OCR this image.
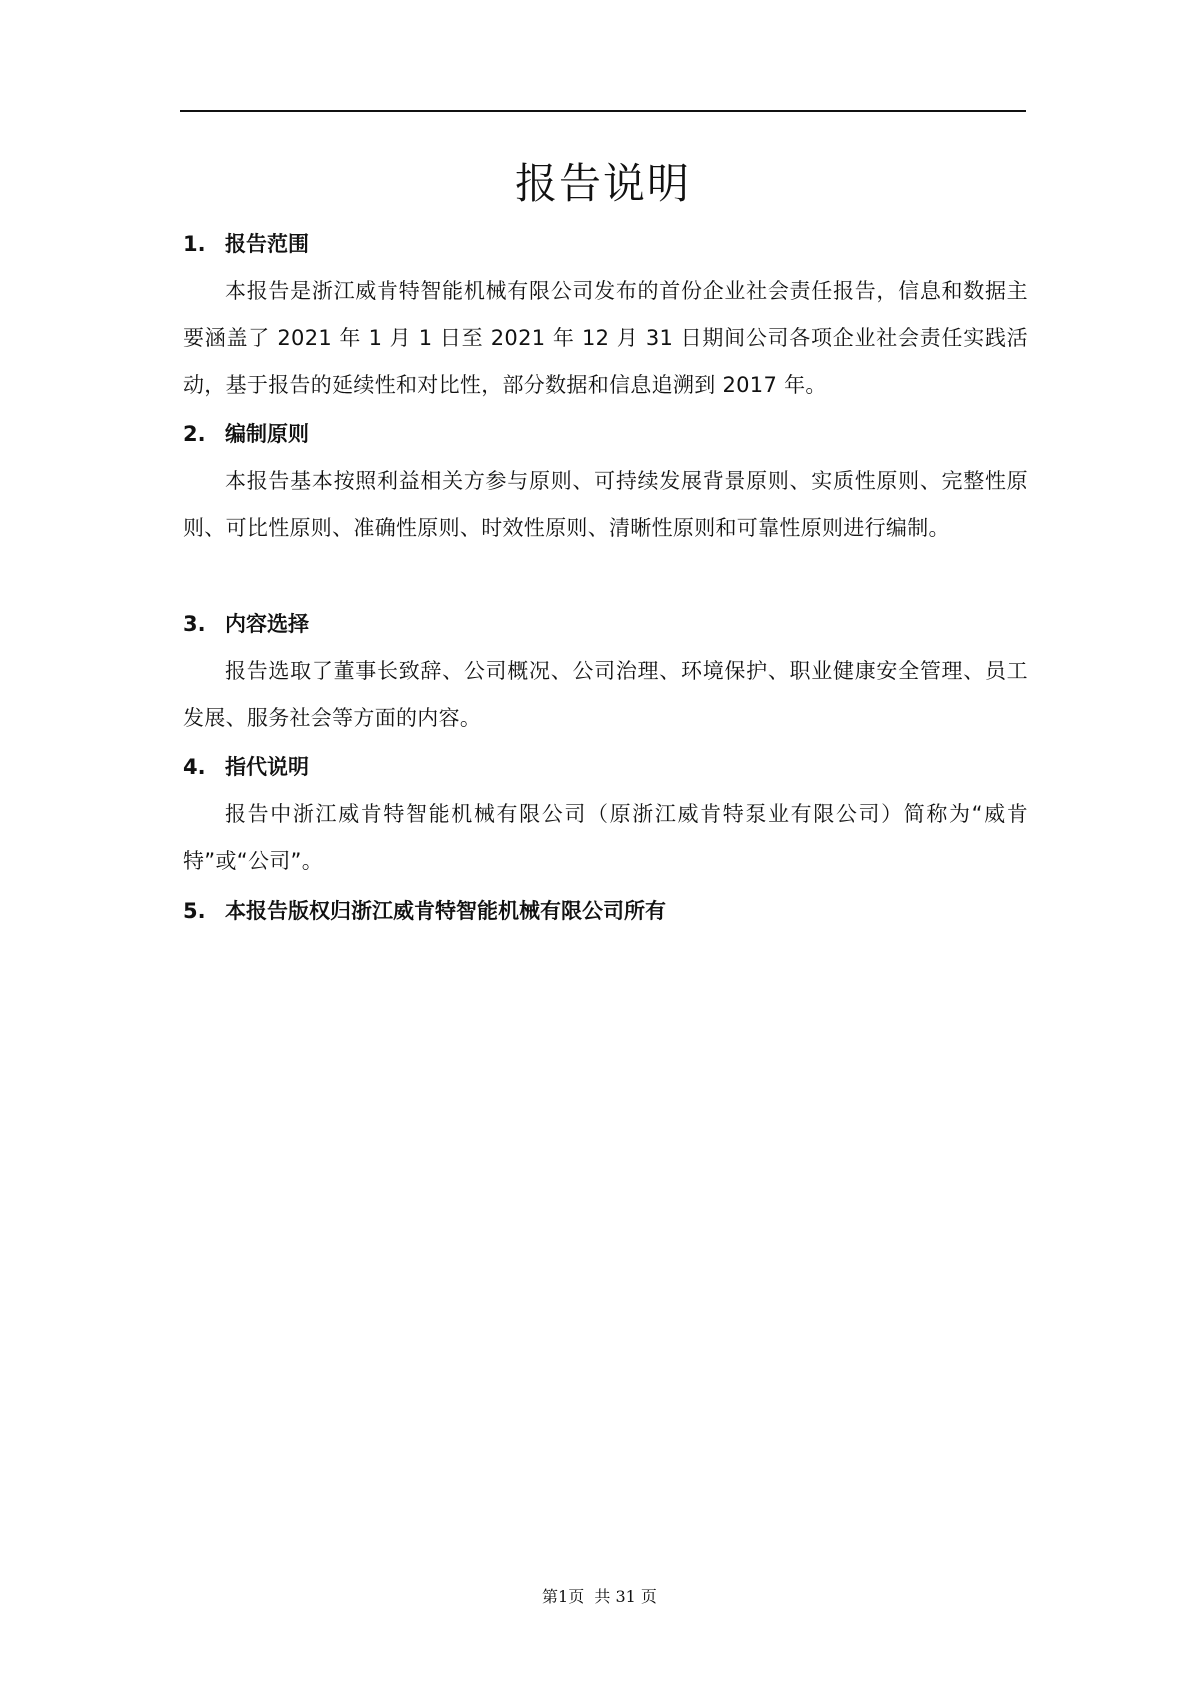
报告说明
1. 报告范围
本报告是浙江威肯特智能机械有限公司发布的首份企业社会责任报告，信息和数据主要涵盖了 2021 年 1 月 1 日至 2021 年 12 月 31 日期间公司各项企业社会责任实践活动，基于报告的延续性和对比性，部分数据和信息追溯到 2017 年。
2. 编制原则
本报告基本按照利益相关方参与原则、可持续发展背景原则、实质性原则、完整性原则、可比性原则、准确性原则、时效性原则、清晰性原则和可靠性原则进行编制。
3. 内容选择
报告选取了董事长致辞、公司概况、公司治理、环境保护、职业健康安全管理、员工发展、服务社会等方面的内容。
4. 指代说明
报告中浙江威肯特智能机械有限公司（原浙江威肯特泵业有限公司）简称为“威肯特”或“公司”。
5. 本报告版权归浙江威肯特智能机械有限公司所有
第1页  共 31 页
